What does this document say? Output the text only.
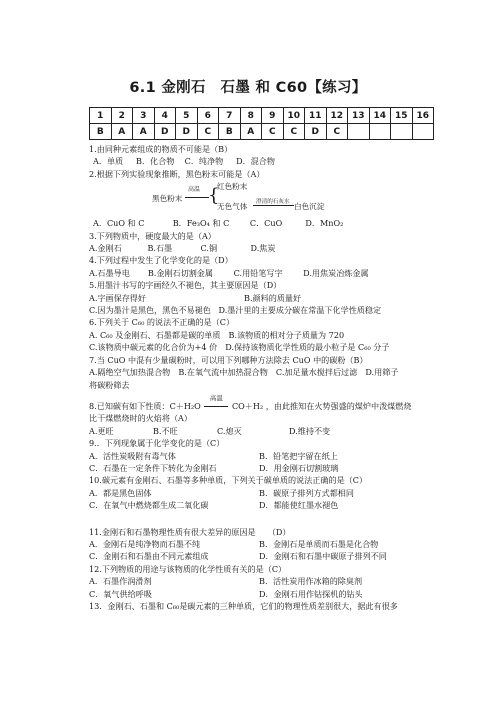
6.1 金刚石　石墨 和 C60【练习】
1	2	3	4	5	6	7	8	9	10	11	12	13	14	15	16
B	A	A	D	D	C	B	A	C	C	D	C				

1.由同种元素组成的物质不可能是（B）

A．单质 B．化合物 C．纯净物 D．混合物

2.根据下列实验现象推断，黑色粉末可能是（A）

黑色粉末
高温 {
红色粉末
无色气体 澄清的石灰水 白色沉淀

A．CuO 和 C	B．Fe₃O₄ 和 C	C．CuO	D．MnO₂

3.下列物质中，硬度最大的是（A）

A.金刚石	B.石墨	C.铜	D.焦炭

4.下列过程中发生了化学变化的是（D）

A.石墨导电 B.金刚石切割金属	C.用铅笔写字	D.用焦炭冶炼金属

5.用墨汁书写的字画经久不褪色，其主要原因是（D）

A.字画保存得好	B.颜料的质量好

C.因为墨汁是黑色，黑色不易褪色 D.墨汁里的主要成分碳在常温下化学性质稳定

6.下列关于 C₆₀ 的说法不正确的是（C）

A. C₆₀ 及金刚石、石墨都是碳的单质　B.该物质的相对分子质量为 720

C.该物质中碳元素的化合价为+4 价　D.保持该物质化学性质的最小粒子是 C₆₀ 分子

7.当 CuO 中混有少量碳粉时，可以用下列哪种方法除去 CuO 中的碳粉（B）

A.隔绝空气加热混合物　B.在氧气流中加热混合物　C.加足量水搅拌后过滤　D.用筛子

将碳粉筛去

8.已知碳有如下性质：C＋H₂O
高温
CO＋H₂ ，由此推知在火势强盛的煤炉中泼煤燃烧

比干煤燃烧时的火焰将（A）

A.更旺	B.不旺	C.熄灭	D.维持不变

9.．下列现象属于化学变化的是（C）

A．活性炭吸附有毒气体	B．铅笔把字留在纸上

C．石墨在一定条件下转化为金刚石	D．用金刚石切割玻璃

10.碳元素有金刚石、石墨等多种单质，下列关于碳单质的说法正确的是（C）

A．都是黑色固体	B．碳原子排列方式都相同

C．在氧气中燃烧都生成二氧化碳	D．都能使红墨水褪色

11.金刚石和石墨物理性质有很大差异的原因是　　（D）

A．金刚石是纯净物而石墨不纯	B．金刚石是单质而石墨是化合物

C．金刚石和石墨由不同元素组成	D．金刚石和石墨中碳原子排列不同

12.下列物质的用途与该物质的化学性质有关的是（C）

A．石墨作润滑剂	B．活性炭用作冰箱的除臭剂

C．氧气供给呼吸	D．金刚石用作钻探机的钻头

13．金刚石、石墨和 C₆₀是碳元素的三种单质，它们的物理性质差别很大，据此有很多
